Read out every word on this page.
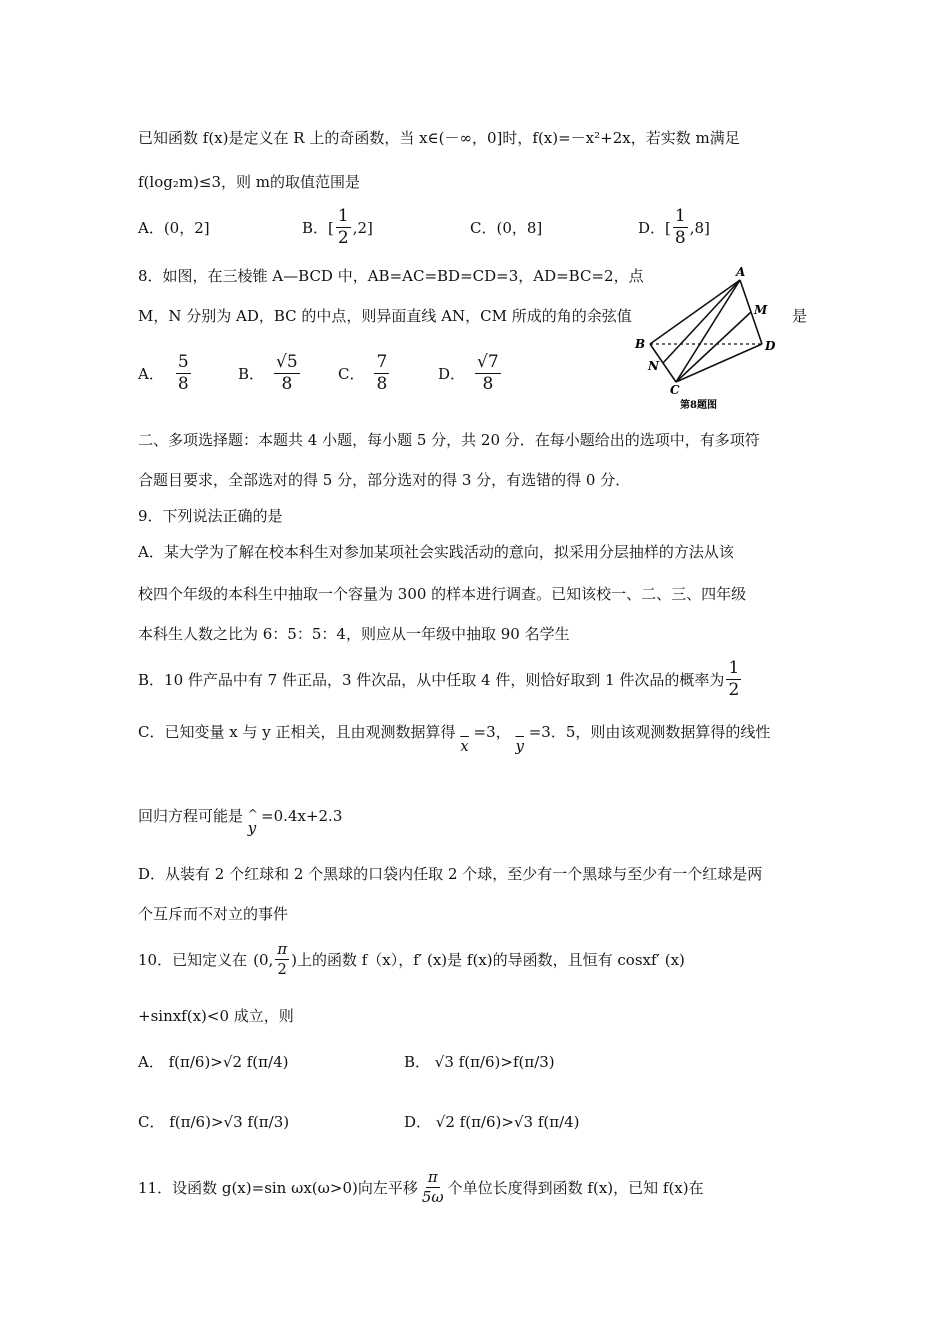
已知函数 f(x)是定义在 R 上的奇函数，当 x∈(－∞，0]时，f(x)=－x²+2x，若实数 m满足
f(log₂m)≤3，则 m的取值范围是
A．(0，2]	B．[ $\frac{1}{2} ,2$]	C．(0，8]	D．[ $\frac{1}{8} ,8$]
8．如图，在三棱锥 A—BCD 中，AB=AC=BD=CD=3，AD=BC=2，点
M，N 分别为 AD，BC 的中点，则异面直线 AN，CM 所成的角的余弦值	是
A． $\frac{5}{8}$	B． $\frac{√5}{8}$	C． $\frac{7}{8}$	D． $\frac{√7}{8}$
A
B
C
D
M
N
第8题图
二、多项选择题：本题共 4 小题，每小题 5 分，共 20 分．在每小题给出的选项中，有多项符
合题目要求，全部选对的得 5 分，部分选对的得 3 分，有选错的得 0 分．
9．下列说法正确的是
A．某大学为了解在校本科生对参加某项社会实践活动的意向，拟采用分层抽样的方法从该
校四个年级的本科生中抽取一个容量为 300 的样本进行调查。已知该校一、二、三、四年级
本科生人数之比为 6：5：5：4，则应从一年级中抽取 90 名学生
B．10 件产品中有 7 件正品，3 件次品，从中任取 4 件，则恰好取到 1 件次品的概率为 $\frac{1}{2}$
C．已知变量 x 与 y 正相关，且由观测数据算得 $\overline{x} =3$， $\overline{y} =3$．5，则由该观测数据算得的线性
回归方程可能是 ^
y =0.4x+2.3
D．从装有 2 个红球和 2 个黑球的口袋内任取 2 个球，至少有一个黑球与至少有一个红球是两
个互斥而不对立的事件
10．已知定义在 (0, $\frac{\pi}{2}$ )上的函数 f（x），f′ (x)是 f(x)的导函数，且恒有 cosxf′ (x)
+sinxf(x)<0 成立，则
A． f(π/6)>√2 f(π/4)	B． √3 f(π/6)>f(π/3)
C． f(π/6)>√3 f(π/3)	D． √2 f(π/6)>√3 f(π/4)
11．设函数 g(x)=sin ωx(ω>0)向左平移 $\frac{\pi}{5\omega}$ 个单位长度得到函数 f(x)，已知 f(x)在
